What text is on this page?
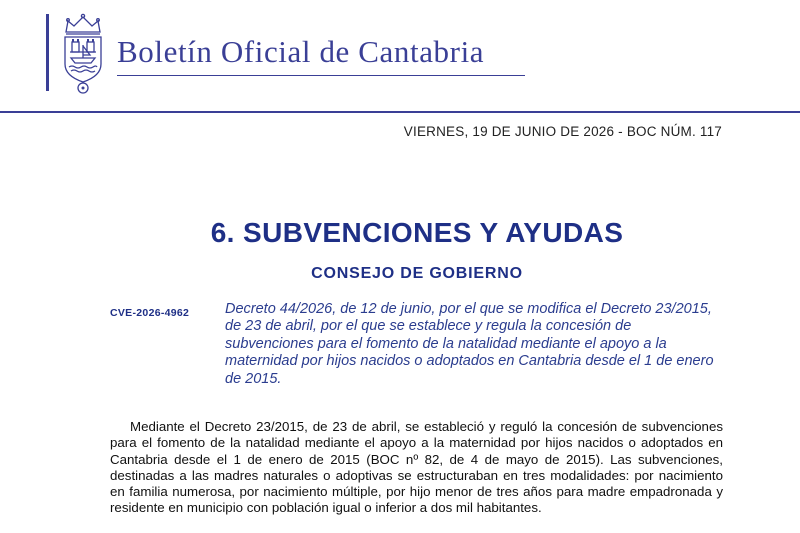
Boletín Oficial de Cantabria
VIERNES, 19 DE JUNIO DE 2026 - BOC NÚM. 117
6. SUBVENCIONES Y AYUDAS
CONSEJO DE GOBIERNO
CVE-2026-4962 Decreto 44/2026, de 12 de junio, por el que se modifica el Decreto 23/2015, de 23 de abril, por el que se establece y regula la concesión de subvenciones para el fomento de la natalidad mediante el apoyo a la maternidad por hijos nacidos o adoptados en Cantabria desde el 1 de enero de 2015.

Mediante el Decreto 23/2015, de 23 de abril, se estableció y reguló la concesión de subvenciones para el fomento de la natalidad mediante el apoyo a la maternidad por hijos nacidos o adoptados en Cantabria desde el 1 de enero de 2015 (BOC nº 82, de 4 de mayo de 2015). Las subvenciones, destinadas a las madres naturales o adoptivas se estructuraban en tres modalidades: por nacimiento en familia numerosa, por nacimiento múltiple, por hijo menor de tres años para madre empadronada y residente en municipio con población igual o inferior a dos mil habitantes.
